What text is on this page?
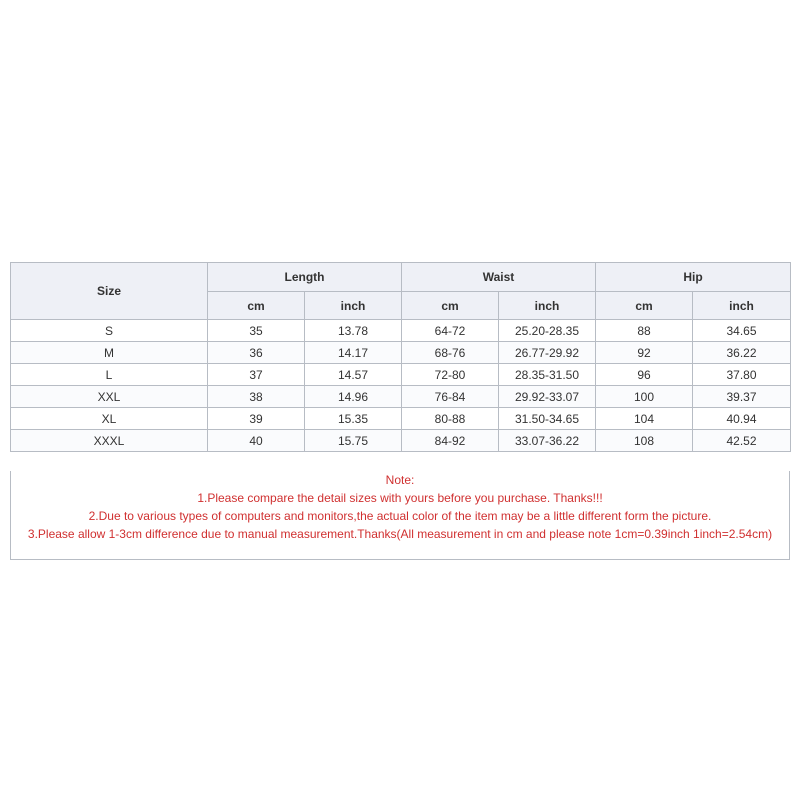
Size	Length		Waist		Hip	
	cm	inch	cm	inch	cm	inch
S	35	13.78	64-72	25.20-28.35	88	34.65
M	36	14.17	68-76	26.77-29.92	92	36.22
L	37	14.57	72-80	28.35-31.50	96	37.80
XXL	38	14.96	76-84	29.92-33.07	100	39.37
XL	39	15.35	80-88	31.50-34.65	104	40.94
XXXL	40	15.75	84-92	33.07-36.22	108	42.52
Note:
1.Please compare the detail sizes with yours before you purchase. Thanks!!!
2.Due to various types of computers and monitors,the actual color of the item may be a little different form the picture.
3.Please allow 1-3cm difference due to manual measurement.Thanks(All measurement in cm and please note 1cm=0.39inch 1inch=2.54cm)
